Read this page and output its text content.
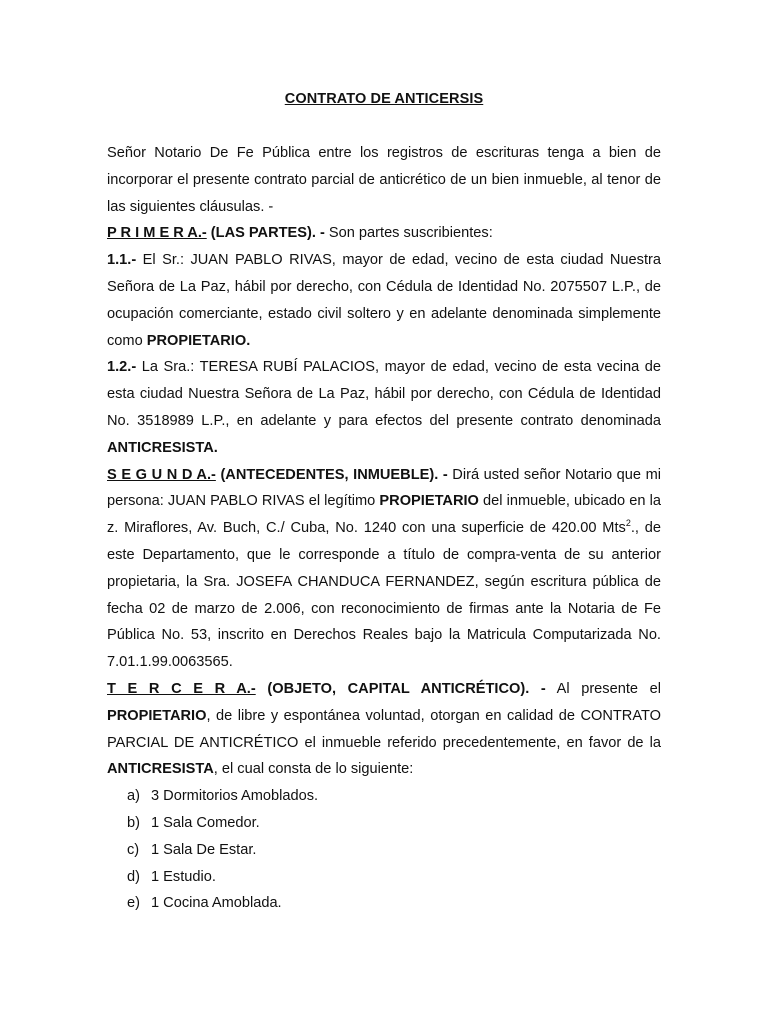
CONTRATO DE ANTICERSIS

Señor Notario De Fe Pública entre los registros de escrituras tenga a bien de incorporar el presente contrato parcial de anticrético de un bien inmueble, al tenor de las siguientes cláusulas. -

P R I M E R A.- (LAS PARTES). - Son partes suscribientes:

1.1.- El Sr.: JUAN PABLO RIVAS, mayor de edad, vecino de esta ciudad Nuestra Señora de La Paz, hábil por derecho, con Cédula de Identidad No. 2075507 L.P., de ocupación comerciante, estado civil soltero y en adelante denominada simplemente como PROPIETARIO.

1.2.- La Sra.: TERESA RUBÍ PALACIOS, mayor de edad, vecino de esta vecina de esta ciudad Nuestra Señora de La Paz, hábil por derecho, con Cédula de Identidad No. 3518989 L.P., en adelante y para efectos del presente contrato denominada ANTICRESISTA.

S E G U N D A.- (ANTECEDENTES, INMUEBLE). - Dirá usted señor Notario que mi persona: JUAN PABLO RIVAS el legítimo PROPIETARIO del inmueble, ubicado en la z. Miraflores, Av. Buch, C./ Cuba, No. 1240 con una superficie de 420.00 Mts$^2$., de este Departamento, que le corresponde a título de compra-venta de su anterior propietaria, la Sra. JOSEFA CHANDUCA FERNANDEZ, según escritura pública de fecha 02 de marzo de 2.006, con reconocimiento de firmas ante la Notaria de Fe Pública No. 53, inscrito en Derechos Reales bajo la Matricula Computarizada No. 7.01.1.99.0063565.

T E R C E R A.- (OBJETO, CAPITAL ANTICRÉTICO). - Al presente el PROPIETARIO, de libre y espontánea voluntad, otorgan en calidad de CONTRATO PARCIAL DE ANTICRÉTICO el inmueble referido precedentemente, en favor de la ANTICRESISTA, el cual consta de lo siguiente:

a) 3 Dormitorios Amoblados.
b) 1 Sala Comedor.
c) 1 Sala De Estar.
d) 1 Estudio.
e) 1 Cocina Amoblada.
